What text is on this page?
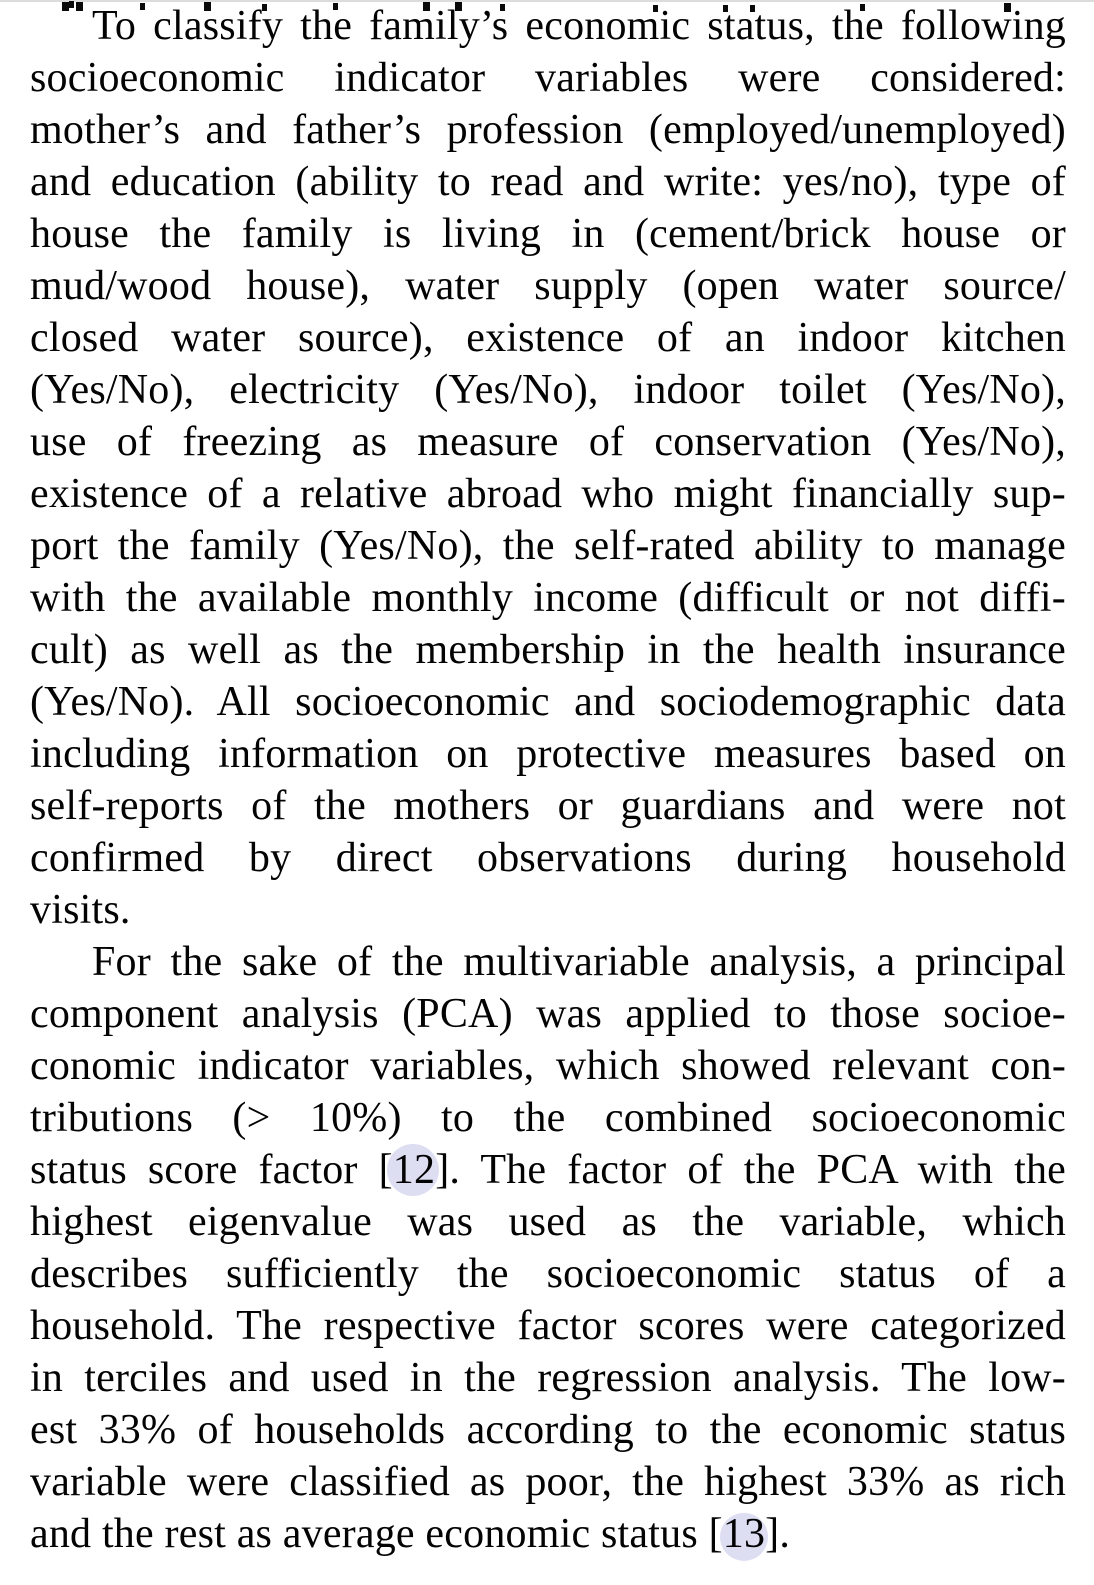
To classify the family’s economic status, the following
socioeconomic indicator variables were considered:
mother’s and father’s profession (employed/unemployed)
and education (ability to read and write: yes/no), type of
house the family is living in (cement/brick house or
mud/wood house), water supply (open water source/
closed water source), existence of an indoor kitchen
(Yes/No), electricity (Yes/No), indoor toilet (Yes/No),
use of freezing as measure of conservation (Yes/No),
existence of a relative abroad who might financially sup-
port the family (Yes/No), the self-rated ability to manage
with the available monthly income (difficult or not diffi-
cult) as well as the membership in the health insurance
(Yes/No). All socioeconomic and sociodemographic data
including information on protective measures based on
self-reports of the mothers or guardians and were not
confirmed by direct observations during household
visits.
For the sake of the multivariable analysis, a principal
component analysis (PCA) was applied to those socioe-
conomic indicator variables, which showed relevant con-
tributions (> 10%) to the combined socioeconomic
status score factor [12]. The factor of the PCA with the
highest eigenvalue was used as the variable, which
describes sufficiently the socioeconomic status of a
household. The respective factor scores were categorized
in terciles and used in the regression analysis. The low-
est 33% of households according to the economic status
variable were classified as poor, the highest 33% as rich
and the rest as average economic status [13].
